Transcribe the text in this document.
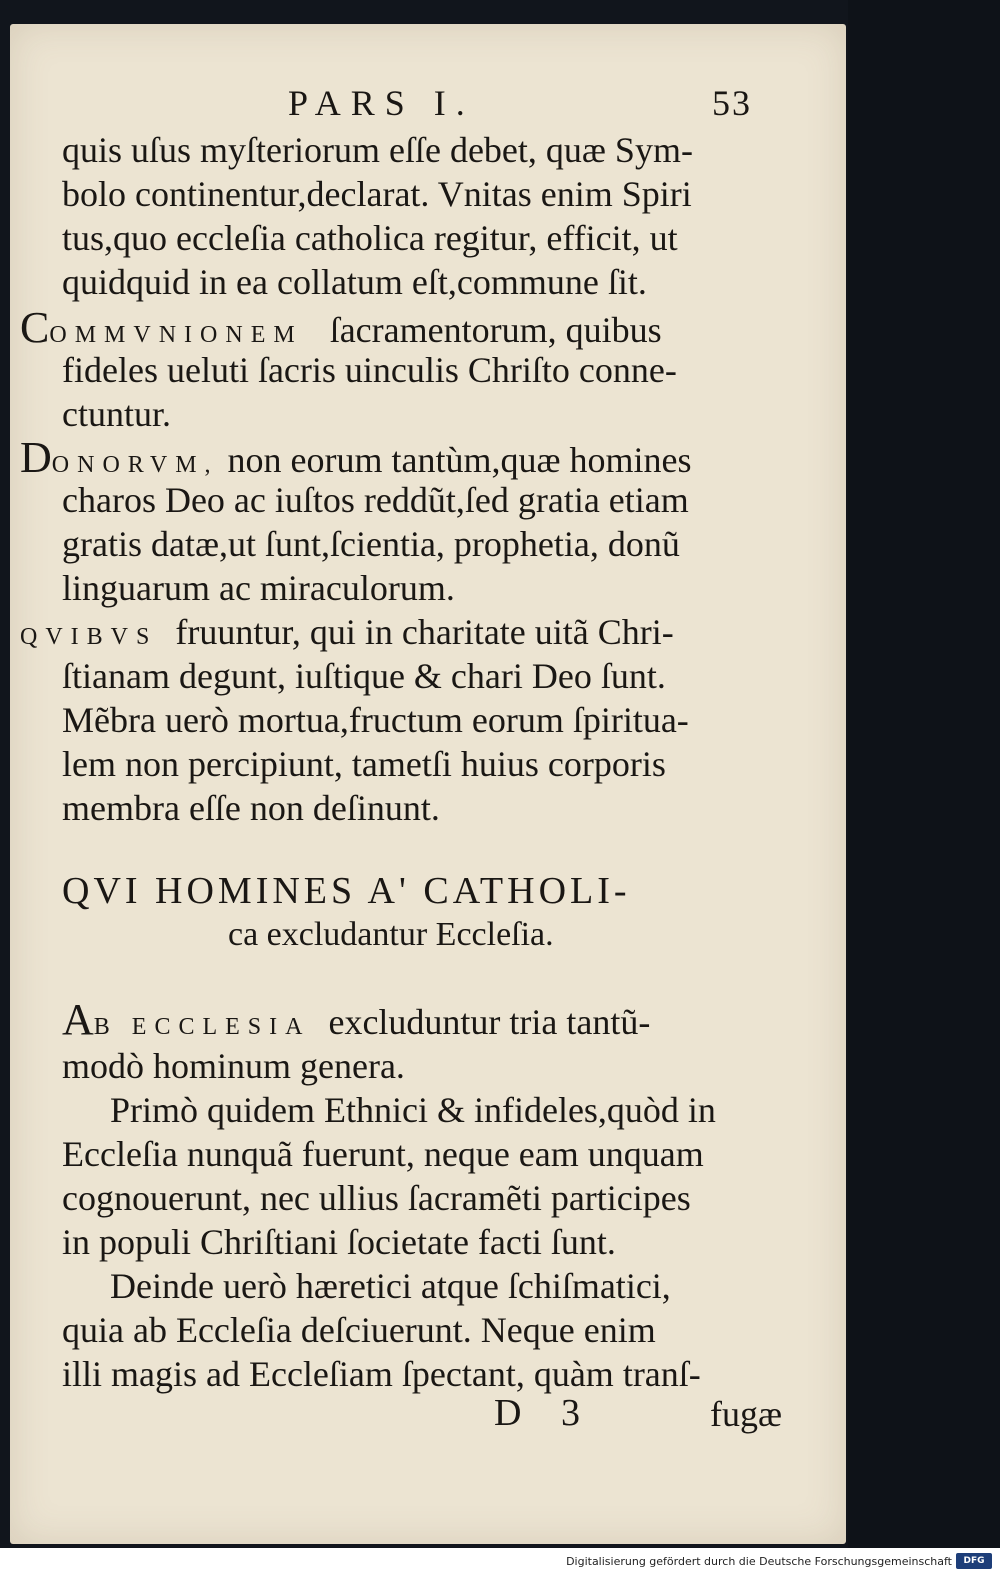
PARS I.	53
quis uſus myſteriorum eſſe debet, quæ Sym-
bolo continentur,declarat. Vnitas enim Spiri
tus,quo eccleſia catholica regitur, efficit, ut
quidquid in ea collatum eſt,commune ſit.
COMMVNIONEM ſacramentorum, quibus
fideles ueluti ſacris uinculis Chriſto conne-
ctuntur.
DONORVM, non eorum tantùm,quæ homines
charos Deo ac iuſtos reddũt,ſed gratia etiam
gratis datæ,ut ſunt,ſcientia, prophetia, donũ
linguarum ac miraculorum.
QVIBVS fruuntur, qui in charitate uitã Chri-
ſtianam degunt, iuſtique & chari Deo ſunt.
Mẽbra uerò mortua,fructum eorum ſpiritua-
lem non percipiunt, tametſi huius corporis
membra eſſe non deſinunt.
QVI HOMINES A' CATHOLI-
ca excludantur Eccleſia.
AB ECCLESIA excluduntur tria tantũ-
modò hominum genera.
Primò quidem Ethnici & infideles,quòd in
Eccleſia nunquã fuerunt, neque eam unquam
cognouerunt, nec ullius ſacramẽti participes
in populi Chriſtiani ſocietate facti ſunt.
Deinde uerò hæretici atque ſchiſmatici,
quia ab Eccleſia deſciuerunt. Neque enim
illi magis ad Eccleſiam ſpectant, quàm tranſ-
D 3	fugæ
Digitalisierung gefördert durch die Deutsche Forschungsgemeinschaft	DFG
